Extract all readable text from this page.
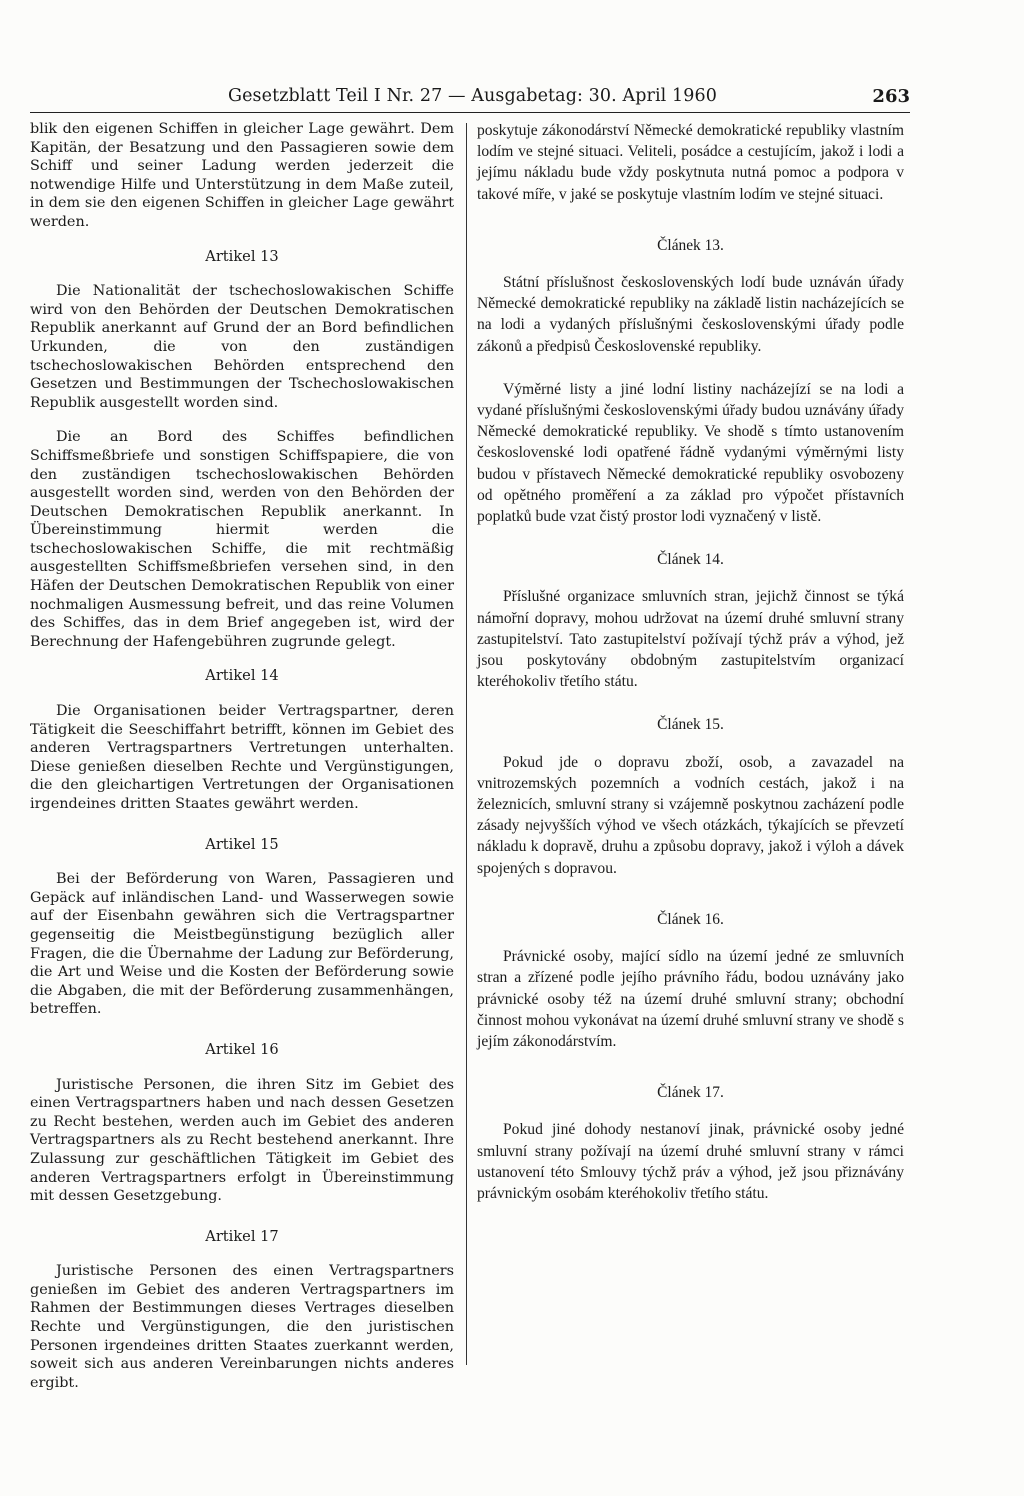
Gesetzblatt Teil I Nr. 27 — Ausgabetag: 30. April 1960	263

blik den eigenen Schiffen in gleicher Lage gewährt. Dem Kapitän, der Besatzung und den Passagieren sowie dem Schiff und seiner Ladung werden jederzeit die notwendige Hilfe und Unterstützung in dem Maße zuteil, in dem sie den eigenen Schiffen in gleicher Lage gewährt werden.

Artikel 13

Die Nationalität der tschechoslowakischen Schiffe wird von den Behörden der Deutschen Demokratischen Republik anerkannt auf Grund der an Bord befindlichen Urkunden, die von den zuständigen tschechoslowakischen Behörden entsprechend den Gesetzen und Bestimmungen der Tschechoslowakischen Republik ausgestellt worden sind.

Die an Bord des Schiffes befindlichen Schiffsmeßbriefe und sonstigen Schiffspapiere, die von den zuständigen tschechoslowakischen Behörden ausgestellt worden sind, werden von den Behörden der Deutschen Demokratischen Republik anerkannt. In Übereinstimmung hiermit werden die tschechoslowakischen Schiffe, die mit rechtmäßig ausgestellten Schiffsmeßbriefen versehen sind, in den Häfen der Deutschen Demokratischen Republik von einer nochmaligen Ausmessung befreit, und das reine Volumen des Schiffes, das in dem Brief angegeben ist, wird der Berechnung der Hafengebühren zugrunde gelegt.

Artikel 14

Die Organisationen beider Vertragspartner, deren Tätigkeit die Seeschiffahrt betrifft, können im Gebiet des anderen Vertragspartners Vertretungen unterhalten. Diese genießen dieselben Rechte und Vergünstigungen, die den gleichartigen Vertretungen der Organisationen irgendeines dritten Staates gewährt werden.

Artikel 15

Bei der Beförderung von Waren, Passagieren und Gepäck auf inländischen Land- und Wasserwegen sowie auf der Eisenbahn gewähren sich die Vertragspartner gegenseitig die Meistbegünstigung bezüglich aller Fragen, die die Übernahme der Ladung zur Beförderung, die Art und Weise und die Kosten der Beförderung sowie die Abgaben, die mit der Beförderung zusammenhängen, betreffen.

Artikel 16

Juristische Personen, die ihren Sitz im Gebiet des einen Vertragspartners haben und nach dessen Gesetzen zu Recht bestehen, werden auch im Gebiet des anderen Vertragspartners als zu Recht bestehend anerkannt. Ihre Zulassung zur geschäftlichen Tätigkeit im Gebiet des anderen Vertragspartners erfolgt in Übereinstimmung mit dessen Gesetzgebung.

Artikel 17

Juristische Personen des einen Vertragspartners genießen im Gebiet des anderen Vertragspartners im Rahmen der Bestimmungen dieses Vertrages dieselben Rechte und Vergünstigungen, die den juristischen Personen irgendeines dritten Staates zuerkannt werden, soweit sich aus anderen Vereinbarungen nichts anderes ergibt.

poskytuje zákonodárství Německé demokratické republiky vlastním lodím ve stejné situaci. Veliteli, posádce a cestujícím, jakož i lodi a jejímu nákladu bude vždy poskytnuta nutná pomoc a podpora v takové míře, v jaké se poskytuje vlastním lodím ve stejné situaci.

Článek 13.

Státní příslušnost československých lodí bude uznáván úřady Německé demokratické republiky na základě listin nacházejících se na lodi a vydaných příslušnými československými úřady podle zákonů a předpisů Československé republiky.

Výměrné listy a jiné lodní listiny nacházejízí se na lodi a vydané příslušnými československými úřady budou uznávány úřady Německé demokratické republiky. Ve shodě s tímto ustanovením československé lodi opatřené řádně vydanými výměrnými listy budou v přístavech Německé demokratické republiky osvobozeny od opětného proměření a za základ pro výpočet přístavních poplatků bude vzat čistý prostor lodi vyznačený v listě.

Článek 14.

Příslušné organizace smluvních stran, jejichž činnost se týká námořní dopravy, mohou udržovat na území druhé smluvní strany zastupitelství. Tato zastupitelství požívají týchž práv a výhod, jež jsou poskytovány obdobným zastupitelstvím organizací kteréhokoliv třetího státu.

Článek 15.

Pokud jde o dopravu zboží, osob, a zavazadel na vnitrozemských pozemních a vodních cestách, jakož i na železnicích, smluvní strany si vzájemně poskytnou zacházení podle zásady nejvyšších výhod ve všech otázkách, týkajících se převzetí nákladu k dopravě, druhu a způsobu dopravy, jakož i výloh a dávek spojených s dopravou.

Článek 16.

Právnické osoby, mající sídlo na území jedné ze smluvních stran a zřízené podle jejího právního řádu, bodou uznávány jako právnické osoby též na území druhé smluvní strany; obchodní činnost mohou vykonávat na území druhé smluvní strany ve shodě s jejím zákonodárstvím.

Článek 17.

Pokud jiné dohody nestanoví jinak, právnické osoby jedné smluvní strany požívají na území druhé smluvní strany v rámci ustanovení této Smlouvy týchž práv a výhod, jež jsou přiznávány právnickým osobám kteréhokoliv třetího státu.
